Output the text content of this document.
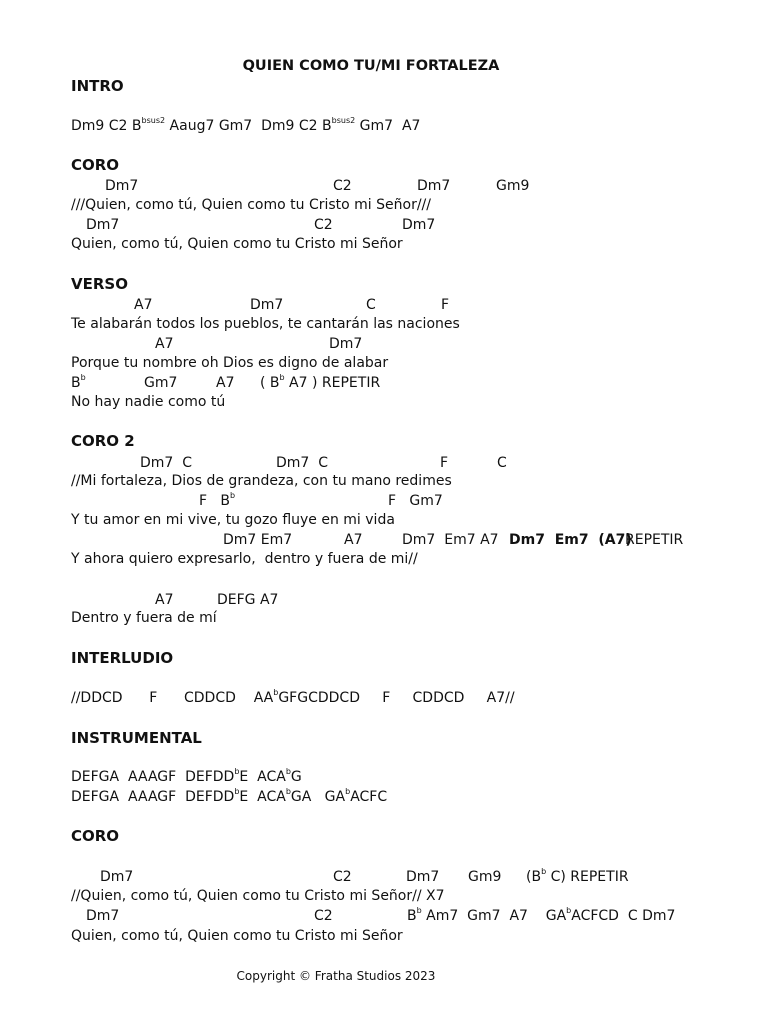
QUIEN COMO TU/MI FORTALEZA
INTRO
Dm9 C2 $B^{bsus2}$ Aaug7 Gm7  Dm9 C2 $B^{bsus2}$ Gm7  A7
CORO
Dm7	C2	Dm7	Gm9
///Quien, como tú, Quien como tu Cristo mi Señor///
Dm7	C2	Dm7
Quien, como tú, Quien como tu Cristo mi Señor
VERSO
A7	Dm7	C	F
Te alabarán todos los pueblos, te cantarán las naciones
A7	Dm7
Porque tu nombre oh Dios es digno de alabar
$B^b$	Gm7	A7 ( $B^b$ A7 ) REPETIR
No hay nadie como tú
CORO 2
Dm7  C	Dm7  C	F	C
//Mi fortaleza, Dios de grandeza, con tu mano redimes
F   $B^b$	F   Gm7
Y tu amor en mi vive, tu gozo fluye en mi vida
Dm7 Em7	A7	Dm7  Em7 A7 Dm7  Em7  (A7)
REPETIR
Y ahora quiero expresarlo,  dentro y fuera de mi//
A7	DEFG A7
Dentro y fuera de mí
INTERLUDIO
//DDCD      F      CDDCD    $AA^bGFGCDDCD$     F     CDDCD     A7//
INSTRUMENTAL
DEFGA  AAAGF  DEFDD$^b$E  ACA$^b$G
DEFGA  AAAGF  DEFDD$^b$E  ACA$^b$GA   $GA^bACFC$
CORO
Dm7	C2	Dm7 Gm9 ($B^b$ C) REPETIR
//Quien, como tú, Quien como tu Cristo mi Señor// X7
Dm7	C2	$B^b$ Am7  Gm7  A7    $GA^bACFCD$  C Dm7
Quien, como tú, Quien como tu Cristo mi Señor
Copyright © Fratha Studios 2023
